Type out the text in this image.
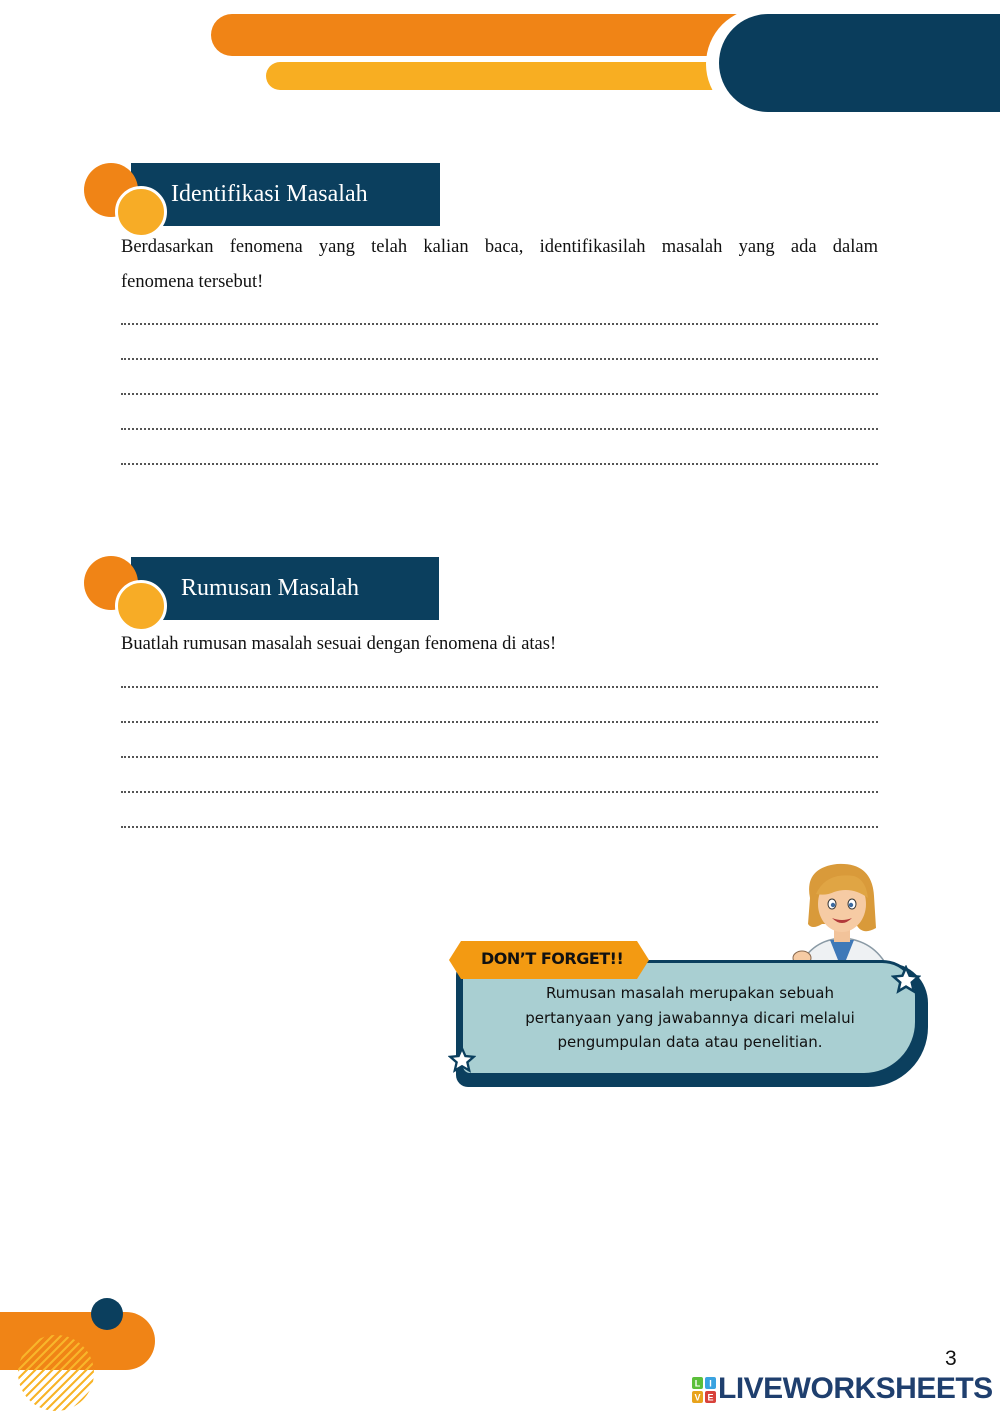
Identifikasi Masalah
Berdasarkan fenomena yang telah kalian baca, identifikasilah masalah yang ada dalam
fenomena tersebut!
Rumusan Masalah
Buatlah rumusan masalah sesuai dengan fenomena di atas!
DON’T FORGET!!
Rumusan masalah merupakan sebuah
pertanyaan yang jawabannya dicari melalui
pengumpulan data atau penelitian.
3
L I
V E LIVEWORKSHEETS
